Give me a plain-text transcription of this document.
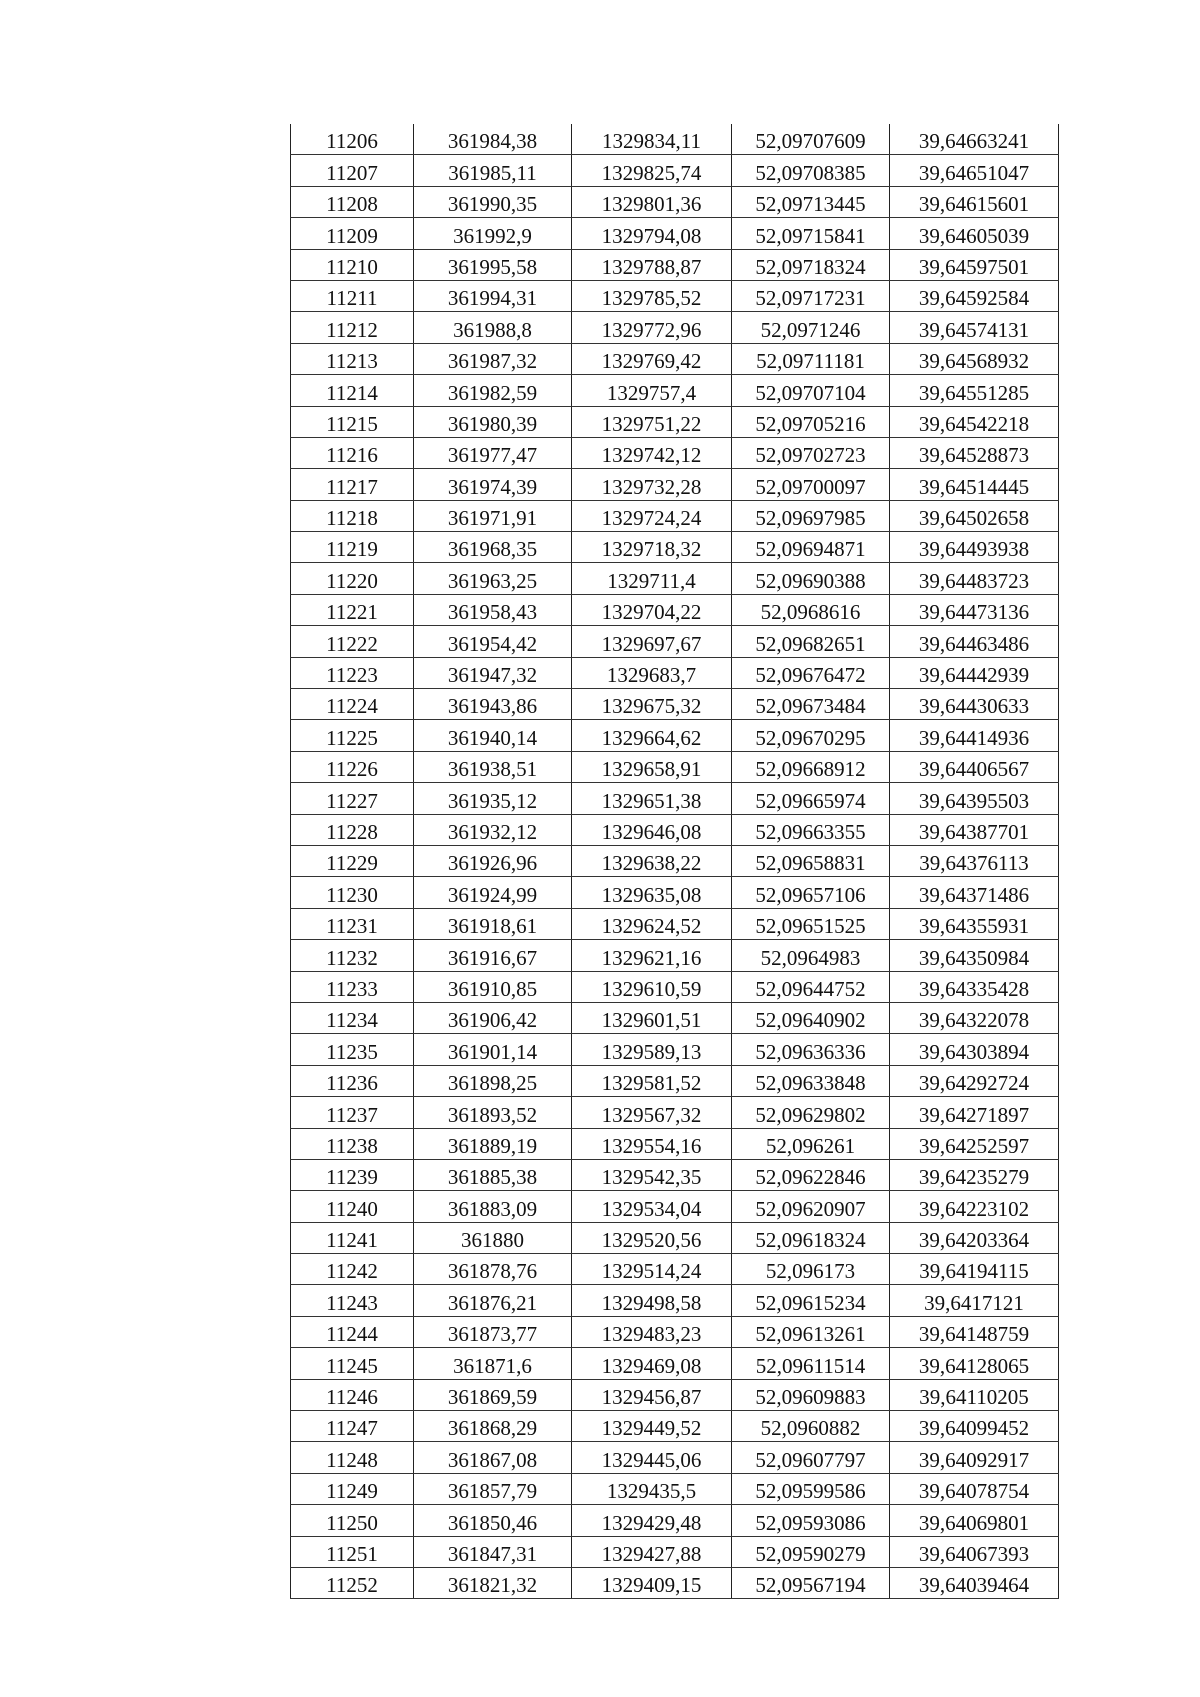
11206	361984,38	1329834,11	52,09707609	39,64663241
11207	361985,11	1329825,74	52,09708385	39,64651047
11208	361990,35	1329801,36	52,09713445	39,64615601
11209	361992,9	1329794,08	52,09715841	39,64605039
11210	361995,58	1329788,87	52,09718324	39,64597501
11211	361994,31	1329785,52	52,09717231	39,64592584
11212	361988,8	1329772,96	52,0971246	39,64574131
11213	361987,32	1329769,42	52,09711181	39,64568932
11214	361982,59	1329757,4	52,09707104	39,64551285
11215	361980,39	1329751,22	52,09705216	39,64542218
11216	361977,47	1329742,12	52,09702723	39,64528873
11217	361974,39	1329732,28	52,09700097	39,64514445
11218	361971,91	1329724,24	52,09697985	39,64502658
11219	361968,35	1329718,32	52,09694871	39,64493938
11220	361963,25	1329711,4	52,09690388	39,64483723
11221	361958,43	1329704,22	52,0968616	39,64473136
11222	361954,42	1329697,67	52,09682651	39,64463486
11223	361947,32	1329683,7	52,09676472	39,64442939
11224	361943,86	1329675,32	52,09673484	39,64430633
11225	361940,14	1329664,62	52,09670295	39,64414936
11226	361938,51	1329658,91	52,09668912	39,64406567
11227	361935,12	1329651,38	52,09665974	39,64395503
11228	361932,12	1329646,08	52,09663355	39,64387701
11229	361926,96	1329638,22	52,09658831	39,64376113
11230	361924,99	1329635,08	52,09657106	39,64371486
11231	361918,61	1329624,52	52,09651525	39,64355931
11232	361916,67	1329621,16	52,0964983	39,64350984
11233	361910,85	1329610,59	52,09644752	39,64335428
11234	361906,42	1329601,51	52,09640902	39,64322078
11235	361901,14	1329589,13	52,09636336	39,64303894
11236	361898,25	1329581,52	52,09633848	39,64292724
11237	361893,52	1329567,32	52,09629802	39,64271897
11238	361889,19	1329554,16	52,096261	39,64252597
11239	361885,38	1329542,35	52,09622846	39,64235279
11240	361883,09	1329534,04	52,09620907	39,64223102
11241	361880	1329520,56	52,09618324	39,64203364
11242	361878,76	1329514,24	52,096173	39,64194115
11243	361876,21	1329498,58	52,09615234	39,6417121
11244	361873,77	1329483,23	52,09613261	39,64148759
11245	361871,6	1329469,08	52,09611514	39,64128065
11246	361869,59	1329456,87	52,09609883	39,64110205
11247	361868,29	1329449,52	52,0960882	39,64099452
11248	361867,08	1329445,06	52,09607797	39,64092917
11249	361857,79	1329435,5	52,09599586	39,64078754
11250	361850,46	1329429,48	52,09593086	39,64069801
11251	361847,31	1329427,88	52,09590279	39,64067393
11252	361821,32	1329409,15	52,09567194	39,64039464
